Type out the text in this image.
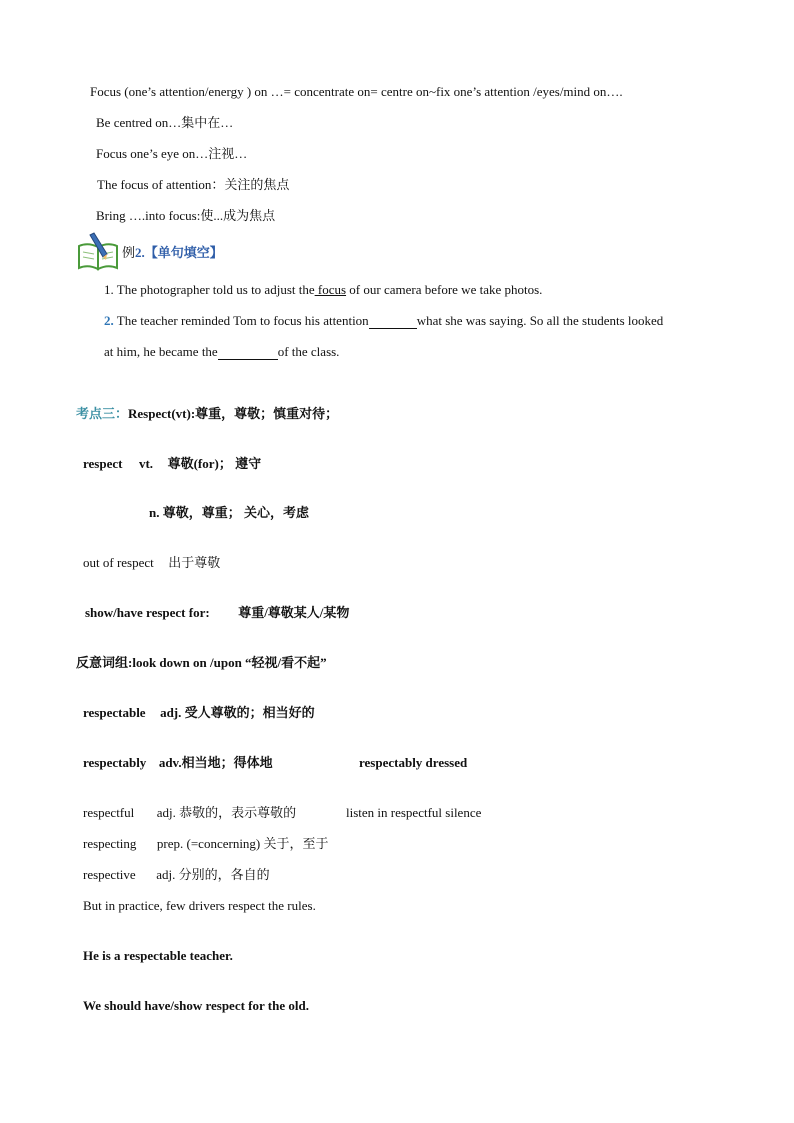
Focus (one’s attention/energy ) on …= concentrate on= centre on~fix one’s attention /eyes/mind on….
Be centred on…集中在…
Focus one’s eye on…注视…
The focus of attention：关注的焦点
Bring ….into focus:使...成为焦点
例2.【单句填空】
1. The photographer told us to adjust the focus of our camera before we take photos.
2. The teacher reminded Tom to focus his attention	what she was saying. So all the students looked
at him, he became the	of the class.
考点三：Respect(vt):尊重，尊敬；慎重对待；
respect vt. 尊敬(for)； 遵守
n. 尊敬，尊重； 关心，考虑
out of respect 出于尊敬
show/have respect for: 尊重/尊敬某人/某物
反意词组:look down on /upon “轻视/看不起”
respectable adj. 受人尊敬的；相当好的
respectably adv.相当地；得体地	respectably dressed
respectful adj. 恭敬的，表示尊敬的	listen in respectful silence
respecting prep. (=concerning) 关于，至于
respective adj. 分别的，各自的
But in practice, few drivers respect the rules.
He is a respectable teacher.
We should have/show respect for the old.
